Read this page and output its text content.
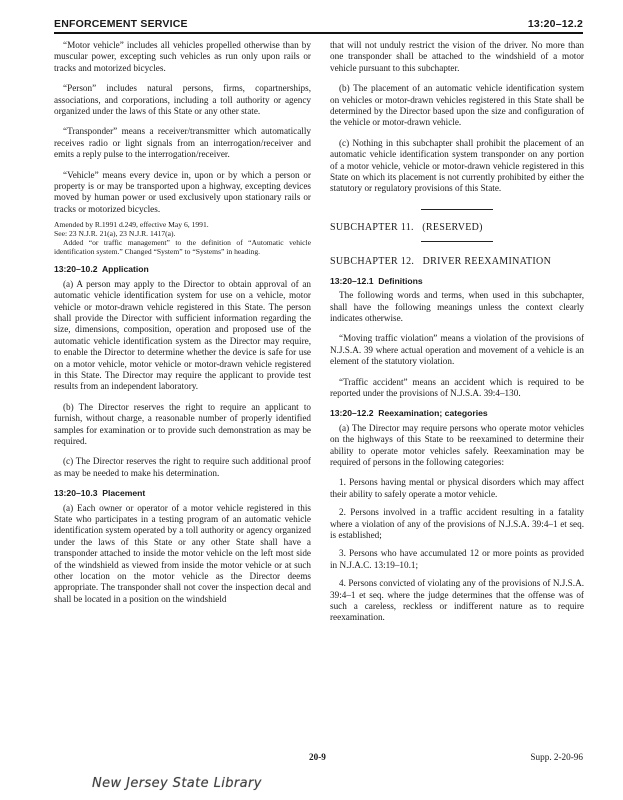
ENFORCEMENT SERVICE	13:20–12.2

“Motor vehicle” includes all vehicles propelled otherwise than by muscular power, excepting such vehicles as run only upon rails or tracks and motorized bicycles.

“Person” includes natural persons, firms, copartnerships, associations, and corporations, including a toll authority or agency organized under the laws of this State or any other state.

“Transponder” means a receiver/transmitter which automatically receives radio or light signals from an interrogation/receiver and emits a reply pulse to the interrogation/receiver.

“Vehicle” means every device in, upon or by which a person or property is or may be transported upon a highway, excepting devices moved by human power or used exclusively upon stationary rails or tracks or motorized bicycles.

Amended by R.1991 d.249, effective May 6, 1991.
See: 23 N.J.R. 21(a), 23 N.J.R. 1417(a).
Added “or traffic management” to the definition of “Automatic vehicle identification system.” Changed “System” to “Systems” in heading.
13:20–10.2 Application

(a) A person may apply to the Director to obtain approval of an automatic vehicle identification system for use on a vehicle, motor vehicle or motor-drawn vehicle registered in this State. The person shall provide the Director with sufficient information regarding the size, dimensions, composition, operation and proposed use of the automatic vehicle identification system as the Director may require, to enable the Director to determine whether the device is safe for use on a motor vehicle, motor vehicle or motor-drawn vehicle registered in this State. The Director may require the applicant to provide test results from an independent laboratory.

(b) The Director reserves the right to require an applicant to furnish, without charge, a reasonable number of properly identified samples for examination or to provide such demonstration as may be required.

(c) The Director reserves the right to require such additional proof as may be needed to make his determination.

13:20–10.3 Placement

(a) Each owner or operator of a motor vehicle registered in this State who participates in a testing program of an automatic vehicle identification system operated by a toll authority or agency organized under the laws of this State or any other State shall have a transponder attached to inside the motor vehicle on the left most side of the windshield as viewed from inside the motor vehicle or at such other location on the motor vehicle as the Director deems appropriate. The transponder shall not cover the inspection decal and shall be located in a position on the windshield

that will not unduly restrict the vision of the driver. No more than one transponder shall be attached to the windshield of a motor vehicle pursuant to this subchapter.

(b) The placement of an automatic vehicle identification system on vehicles or motor-drawn vehicles registered in this State shall be determined by the Director based upon the size and configuration of the vehicle or motor-drawn vehicle.

(c) Nothing in this subchapter shall prohibit the placement of an automatic vehicle identification system transponder on any portion of a motor vehicle, vehicle or motor-drawn vehicle registered in this State on which its placement is not currently prohibited by either the statutory or regulatory provisions of this State.

SUBCHAPTER 11.   (RESERVED)
SUBCHAPTER 12.   DRIVER REEXAMINATION
13:20–12.1 Definitions

The following words and terms, when used in this subchapter, shall have the following meanings unless the context clearly indicates otherwise.

“Moving traffic violation” means a violation of the provisions of N.J.S.A. 39 where actual operation and movement of a vehicle is an element of the statutory violation.

“Traffic accident” means an accident which is required to be reported under the provisions of N.J.S.A. 39:4–130.

13:20–12.2 Reexamination; categories

(a) The Director may require persons who operate motor vehicles on the highways of this State to be reexamined to determine their ability to operate motor vehicles safely. Reexamination may be required of persons in the following categories:

1. Persons having mental or physical disorders which may affect their ability to safely operate a motor vehicle.

2. Persons involved in a traffic accident resulting in a fatality where a violation of any of the provisions of N.J.S.A. 39:4–1 et seq. is established;

3. Persons who have accumulated 12 or more points as provided in N.J.A.C. 13:19–10.1;

4. Persons convicted of violating any of the provisions of N.J.S.A. 39:4–1 et seq. where the judge determines that the offense was of such a careless, reckless or indifferent nature as to require reexamination.

20-9	Supp. 2-20-96
New Jersey State Library
